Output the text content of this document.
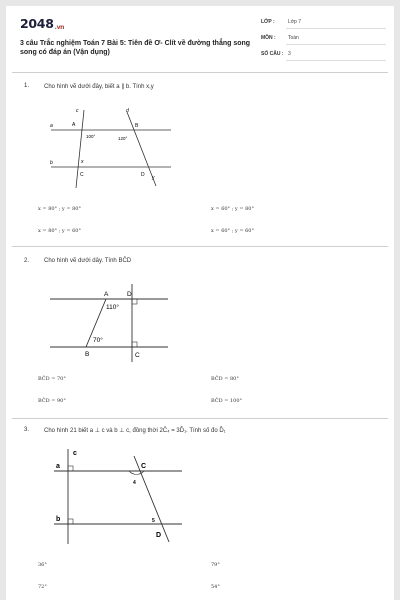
$2048_{.vn}$
3 câu Trắc nghiệm Toán 7 Bài 5: Tiên đề Ơ- Clít về đường thẳng song song có đáp án (Vận dụng)
LỚP :	Lớp 7
MÔN : Toán
SỐ CÂU : 3
1. Cho hình vẽ dưới đây, biết a ∥ b. Tính x,y
a
b
c	d
A	B
C	D
x
y
100°	120°
x = 80° ; y = 80°	x = 60° ; y = 80°
x = 80° ; y = 60°	x = 60° ; y = 60°
2. Cho hình vẽ dưới dây. Tính BĈD
A	D
B	C
110°
70°
BĈD = 70°	BĈD = 80°
BĈD = 90°	BĈD = 100°
3. Cho hình 21 biết a ⊥ c và b ⊥ c, đồng thời 2Ĉ₄ = 3D̂₁. Tính số đo D̂₁
c
a
b
C
D
4
5
36°	79°
72°	54°
